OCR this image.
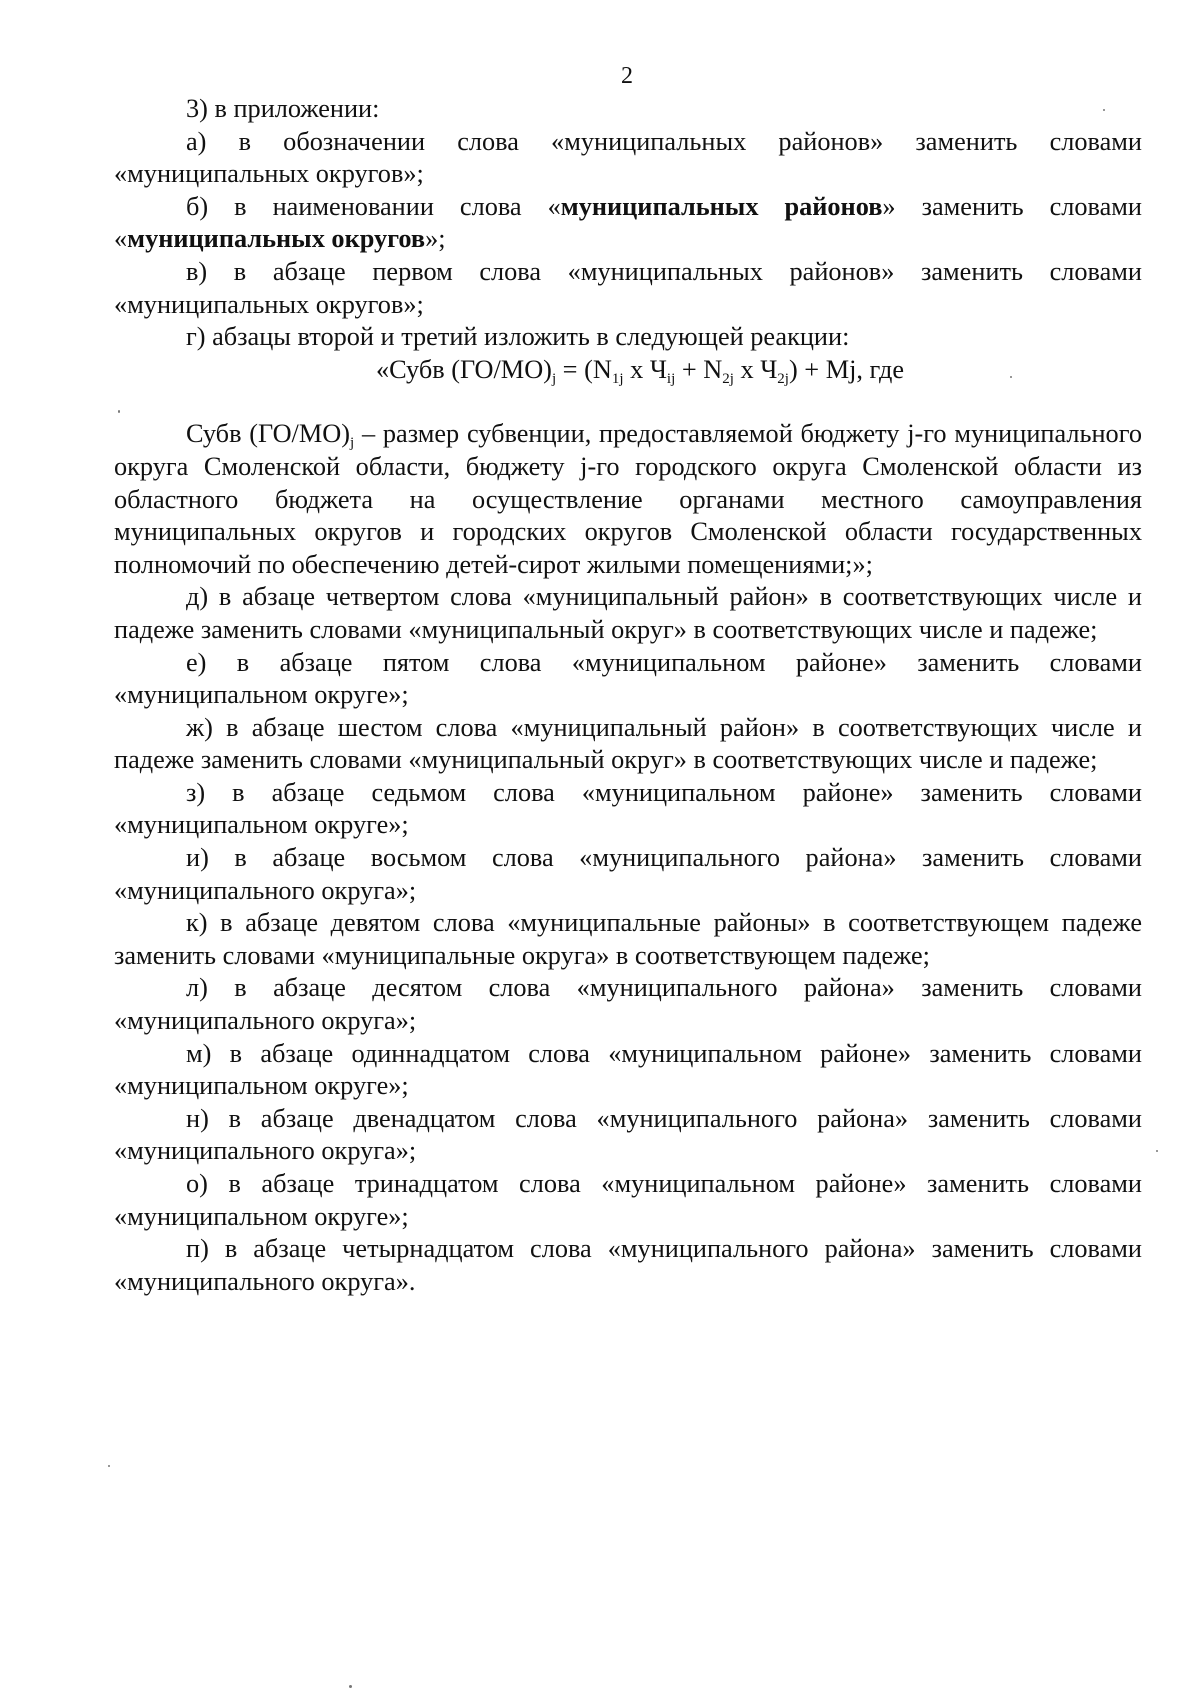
2

3) в приложении:

а) в обозначении слова «муниципальных районов» заменить словами «муниципальных округов»;

б) в наименовании слова «муниципальных районов» заменить словами «муниципальных округов»;

в) в абзаце первом слова «муниципальных районов» заменить словами «муниципальных округов»;

г) абзацы второй и третий изложить в следующей реакции:

«Субв $(ГО/МО)_j = (N_{1j}$ x $Ч_{ij} + N_{2j}$ x $Ч_{2j}) + Mj$, где

Субв $(ГО/МО)_j$ – размер субвенции, предоставляемой бюджету j-го муниципального округа Смоленской области, бюджету j-го городского округа Смоленской области из областного бюджета на осуществление органами местного самоуправления муниципальных округов и городских округов Смоленской области государственных полномочий по обеспечению детей-сирот жилыми помещениями;»;

д) в абзаце четвертом слова «муниципальный район» в соответствующих числе и падеже заменить словами «муниципальный округ» в соответствующих числе и падеже;

е) в абзаце пятом слова «муниципальном районе» заменить словами «муниципальном округе»;

ж) в абзаце шестом слова «муниципальный район» в соответствующих числе и падеже заменить словами «муниципальный округ» в соответствующих числе и падеже;

з) в абзаце седьмом слова «муниципальном районе» заменить словами «муниципальном округе»;

и) в абзаце восьмом слова «муниципального района» заменить словами «муниципального округа»;

к) в абзаце девятом слова «муниципальные районы» в соответствующем падеже заменить словами «муниципальные округа» в соответствующем падеже;

л) в абзаце десятом слова «муниципального района» заменить словами «муниципального округа»;

м) в абзаце одиннадцатом слова «муниципальном районе» заменить словами «муниципальном округе»;

н) в абзаце двенадцатом слова «муниципального района» заменить словами «муниципального округа»;

о) в абзаце тринадцатом слова «муниципальном районе» заменить словами «муниципальном округе»;

п) в абзаце четырнадцатом слова «муниципального района» заменить словами «муниципального округа».
